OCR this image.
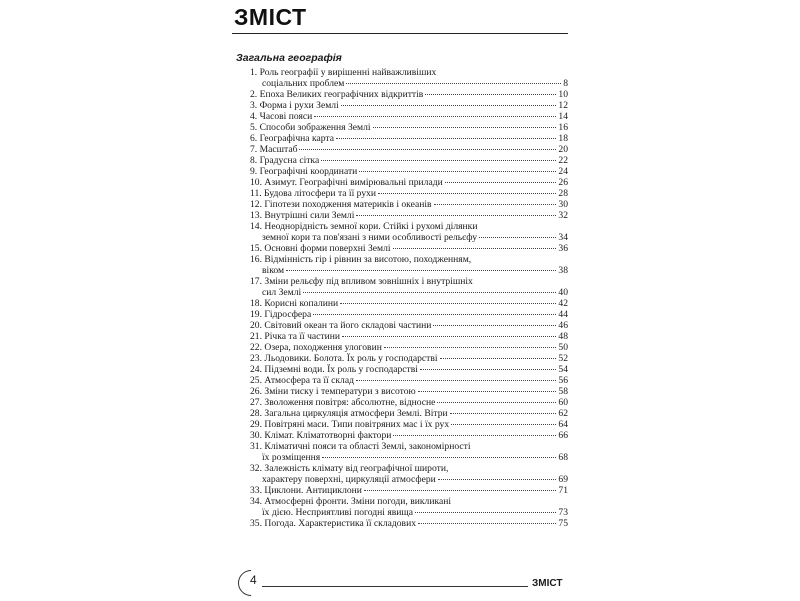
ЗМІСТ
Загальна географія
1. Роль географії у вирішенні найважливіших
соціальних проблем	8
2. Епоха Великих географічних відкриттів	10
3. Форма і рухи Землі	12
4. Часові пояси	14
5. Способи зображення Землі	16
6. Географічна карта	18
7. Масштаб	20
8. Градусна сітка	22
9. Географічні координати	24
10. Азимут. Географічні вимірювальні прилади	26
11. Будова літосфери та її рухи	28
12. Гіпотези походження материків і океанів	30
13. Внутрішні сили Землі	32
14. Неоднорідність земної кори. Стійкі і рухомі ділянки
земної кори та пов'язані з ними особливості рельєфу	34
15. Основні форми поверхні Землі	36
16. Відмінність гір і рівнин за висотою, походженням,
віком	38
17. Зміни рельєфу під впливом зовнішніх і внутрішніх
сил Землі	40
18. Корисні копалини	42
19. Гідросфера	44
20. Світовий океан та його складові частини	46
21. Річка та її частини	48
22. Озера, походження улоговин	50
23. Льодовики. Болота. Їх роль у господарстві	52
24. Підземні води. Їх роль у господарстві	54
25. Атмосфера та її склад	56
26. Зміни тиску і температури з висотою	58
27. Зволоження повітря: абсолютне, відносне	60
28. Загальна циркуляція атмосфери Землі. Вітри	62
29. Повітряні маси. Типи повітряних мас і їх рух	64
30. Клімат. Кліматотворні фактори	66
31. Кліматичні пояси та області Землі, закономірності
їх розміщення	68
32. Залежність клімату від географічної широти,
характеру поверхні, циркуляції атмосфери	69
33. Циклони. Антициклони	71
34. Атмосферні фронти. Зміни погоди, викликані
їх дією. Несприятливі погодні явища	73
35. Погода. Характеристика її складових	75
4	ЗМІСТ
